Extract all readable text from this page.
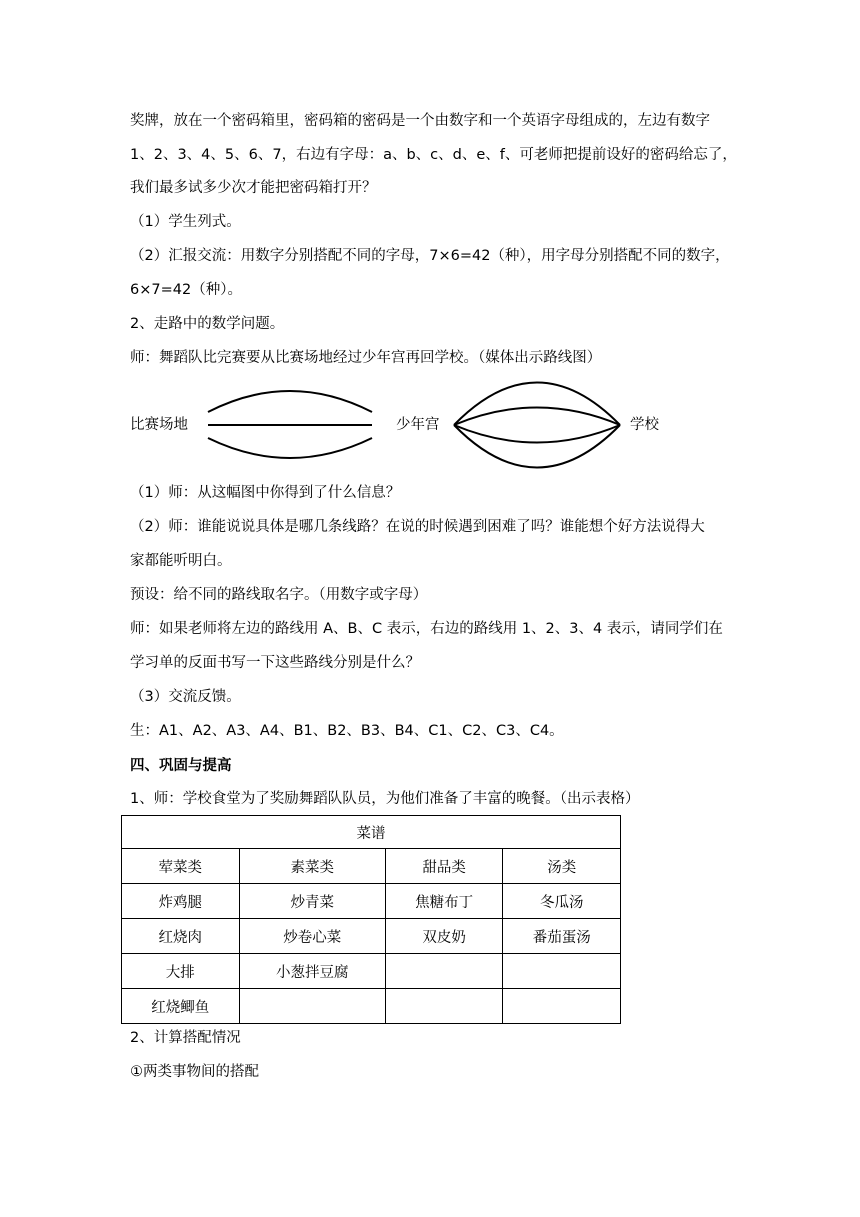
奖牌，放在一个密码箱里，密码箱的密码是一个由数字和一个英语字母组成的，左边有数字
1、2、3、4、5、6、7，右边有字母：a、b、c、d、e、f、可老师把提前设好的密码给忘了，
我们最多试多少次才能把密码箱打开？
（1）学生列式。
（2）汇报交流：用数字分别搭配不同的字母，7×6=42（种），用字母分别搭配不同的数字，
6×7=42（种）。
2、走路中的数学问题。
师：舞蹈队比完赛要从比赛场地经过少年宫再回学校。（媒体出示路线图）
比赛场地	少年宫	学校
（1）师：从这幅图中你得到了什么信息？
（2）师：谁能说说具体是哪几条线路？在说的时候遇到困难了吗？谁能想个好方法说得大
家都能听明白。
预设：给不同的路线取名字。（用数字或字母）
师：如果老师将左边的路线用 A、B、C 表示，右边的路线用 1、2、3、4 表示，请同学们在
学习单的反面书写一下这些路线分别是什么？
（3）交流反馈。
生：A1、A2、A3、A4、B1、B2、B3、B4、C1、C2、C3、C4。
四、巩固与提高
1、师：学校食堂为了奖励舞蹈队队员，为他们准备了丰富的晚餐。（出示表格）
菜谱			
荤菜类	素菜类	甜品类	汤类
炸鸡腿	炒青菜	焦糖布丁	冬瓜汤
红烧肉	炒卷心菜	双皮奶	番茄蛋汤
大排	小葱拌豆腐		
红烧鲫鱼			
2、计算搭配情况
①两类事物间的搭配
